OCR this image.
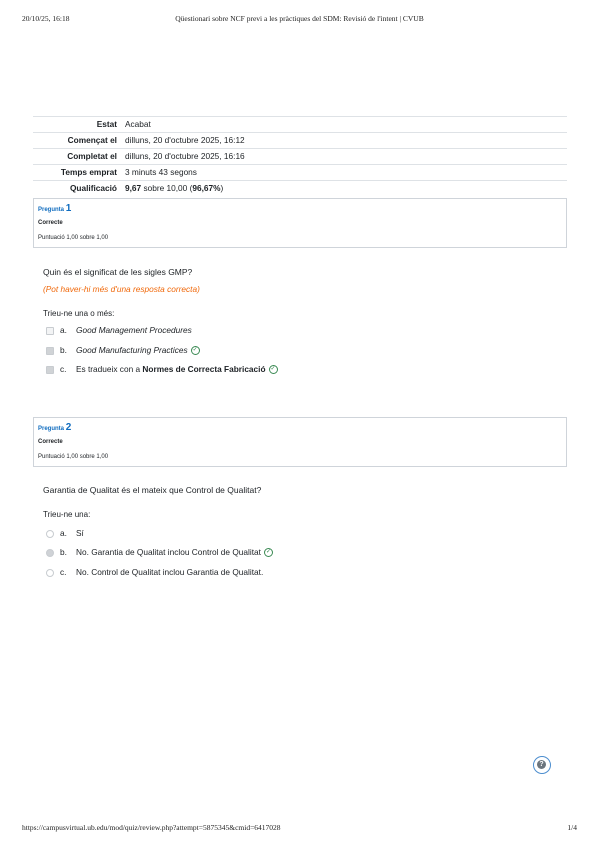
20/10/25, 16:18	Qüestionari sobre NCF previ a les pràctiques del SDM: Revisió de l'intent | CVUB
Estat	Acabat
Començat el	dilluns, 20 d'octubre 2025, 16:12
Completat el	dilluns, 20 d'octubre 2025, 16:16
Temps emprat	3 minuts 43 segons
Qualificació	9,67 sobre 10,00 (96,67%)
Pregunta 1
Correcte
Puntuació 1,00 sobre 1,00
Quin és el significat de les sigles GMP?
(Pot haver-hi més d'una resposta correcta)
Trieu-ne una o més:
a. Good Management Procedures
b. Good Manufacturing Practices ✓
c. Es tradueix con a Normes de Correcta Fabricació ✓
Pregunta 2
Correcte
Puntuació 1,00 sobre 1,00
Garantia de Qualitat és el mateix que Control de Qualitat?
Trieu-ne una:
a. Sí
b. No. Garantia de Qualitat inclou Control de Qualitat ✓
c. No. Control de Qualitat inclou Garantia de Qualitat.
?
https://campusvirtual.ub.edu/mod/quiz/review.php?attempt=5875345&cmid=6417028	1/4
